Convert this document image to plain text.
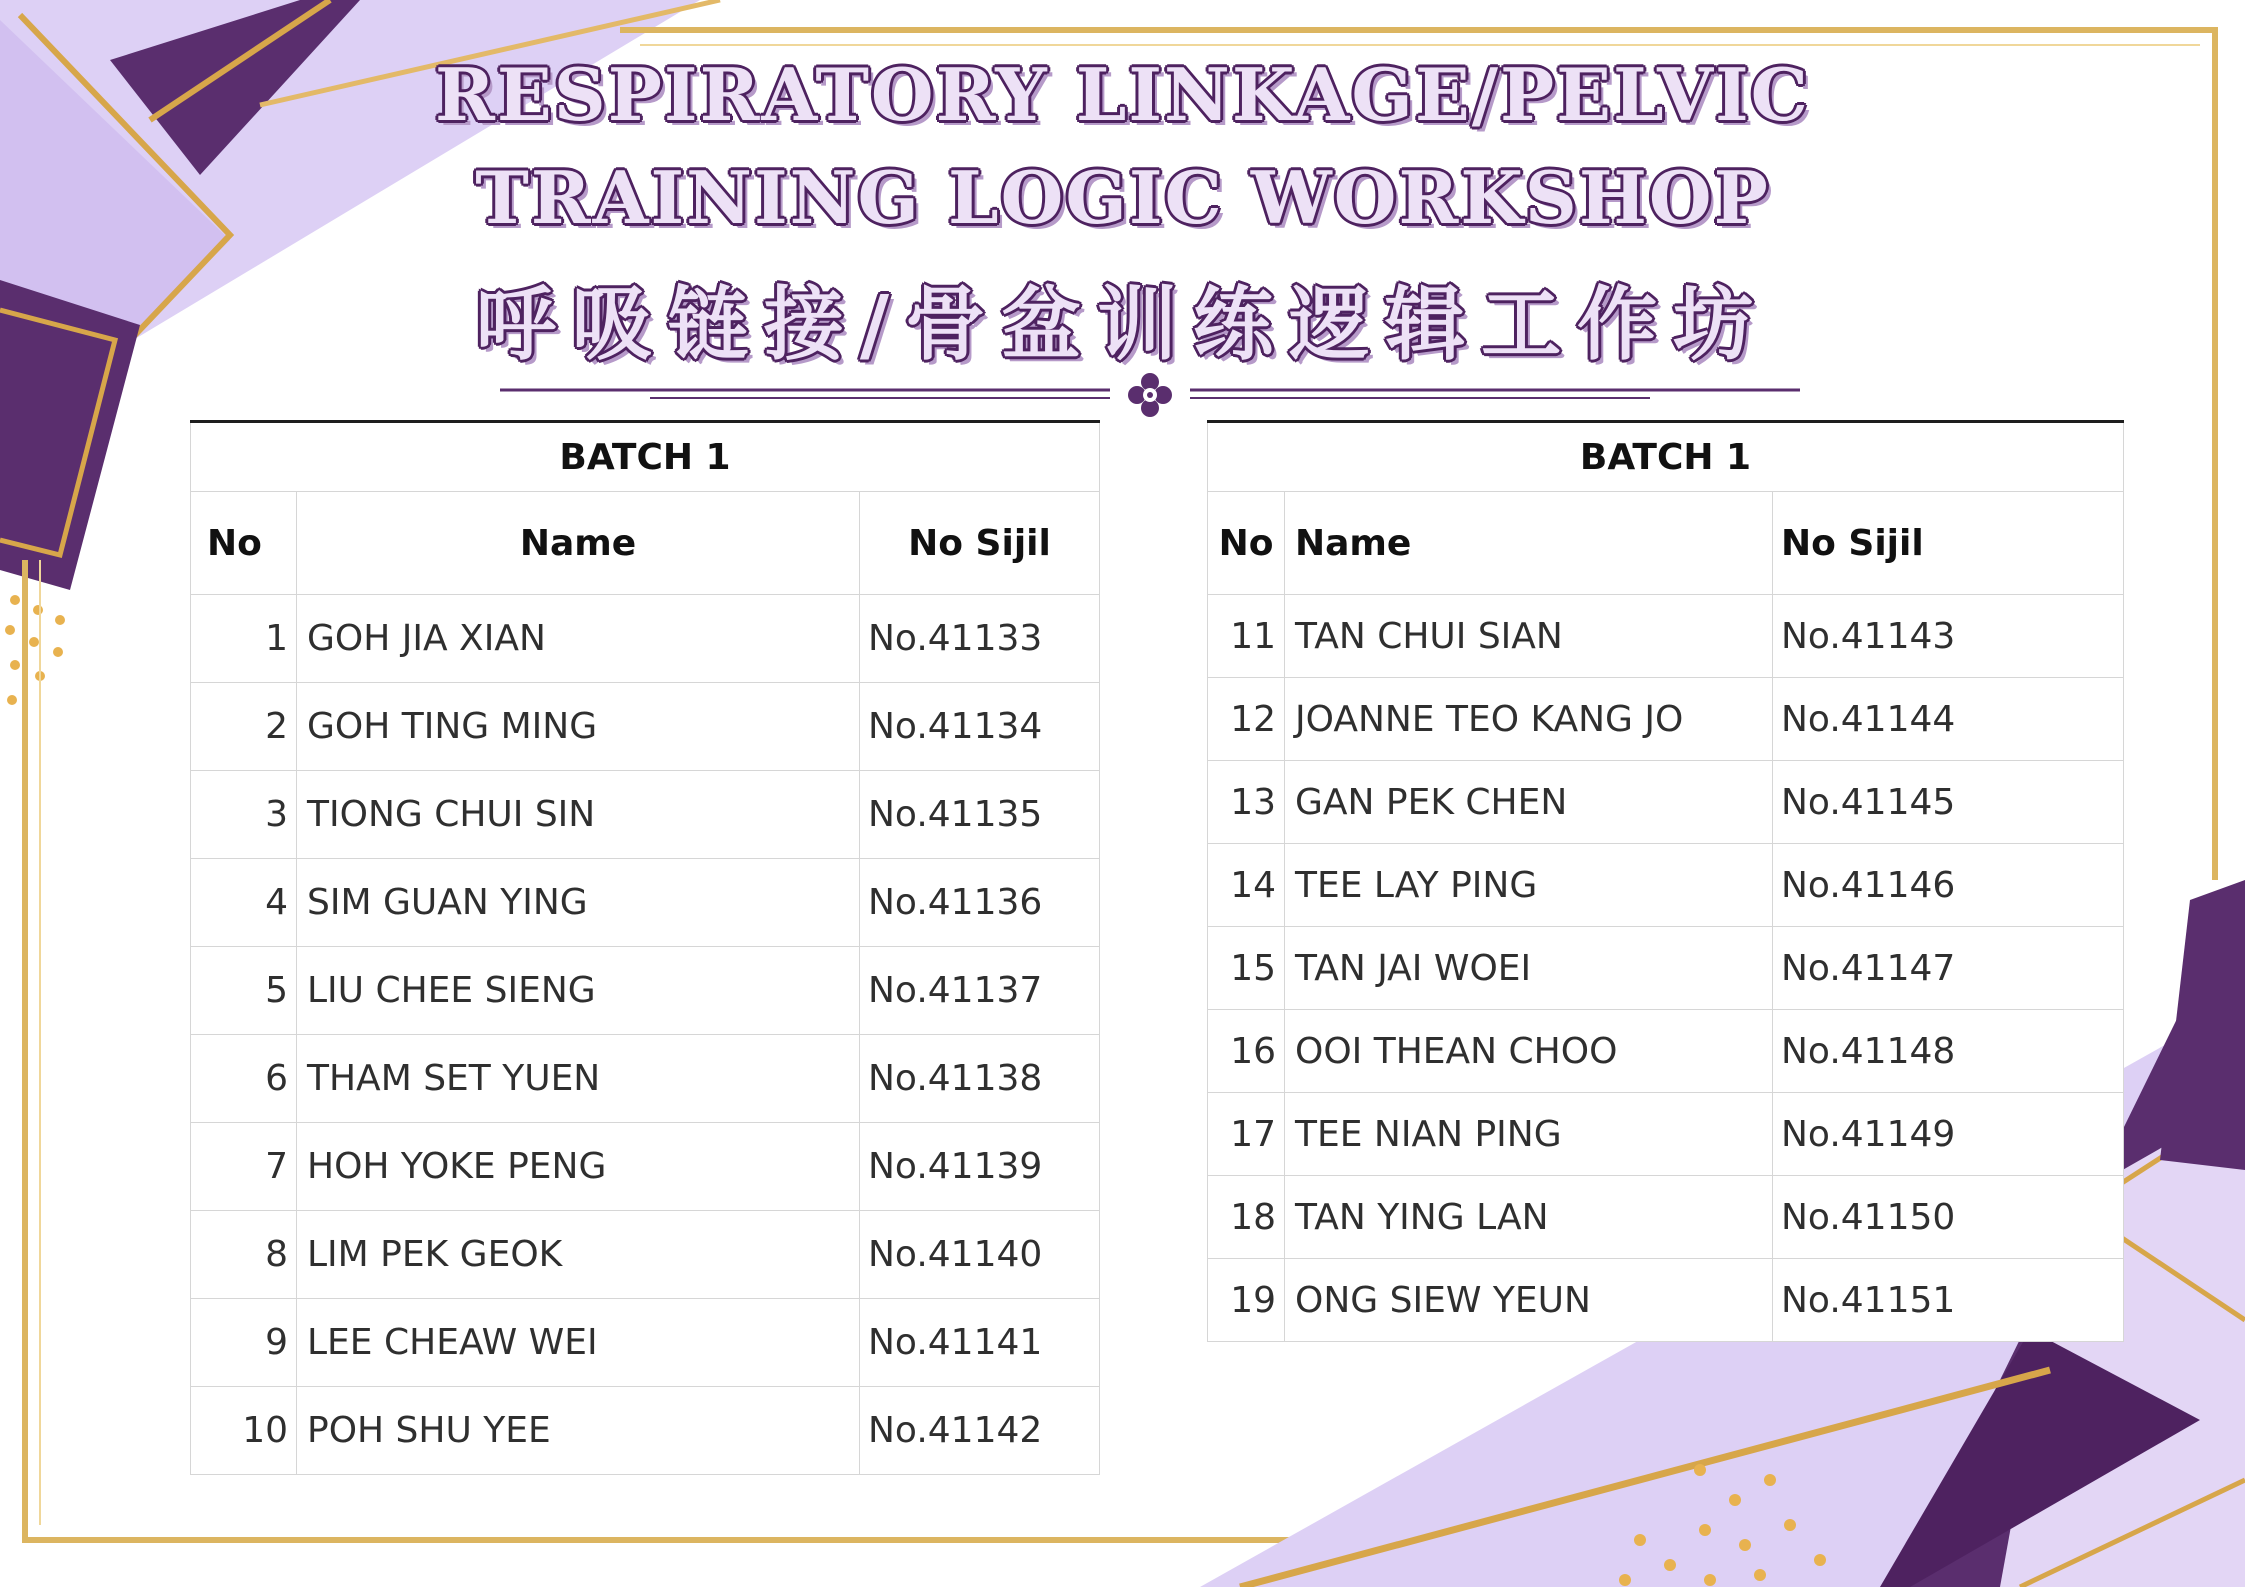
RESPIRATORY LINKAGE/PELVIC
TRAINING LOGIC WORKSHOP
呼吸链接/骨盆训练逻辑工作坊
BATCH 1		
No	Name	No Sijil
1	GOH JIA XIAN	No.41133
2	GOH TING MING	No.41134
3	TIONG CHUI SIN	No.41135
4	SIM GUAN YING	No.41136
5	LIU CHEE SIENG	No.41137
6	THAM SET YUEN	No.41138
7	HOH YOKE PENG	No.41139
8	LIM PEK GEOK	No.41140
9	LEE CHEAW WEI	No.41141
10	POH SHU YEE	No.41142
BATCH 1		
No	Name	No Sijil
11	TAN CHUI SIAN	No.41143
12	JOANNE TEO KANG JO	No.41144
13	GAN PEK CHEN	No.41145
14	TEE LAY PING	No.41146
15	TAN JAI WOEI	No.41147
16	OOI THEAN CHOO	No.41148
17	TEE NIAN PING	No.41149
18	TAN YING LAN	No.41150
19	ONG SIEW YEUN	No.41151
